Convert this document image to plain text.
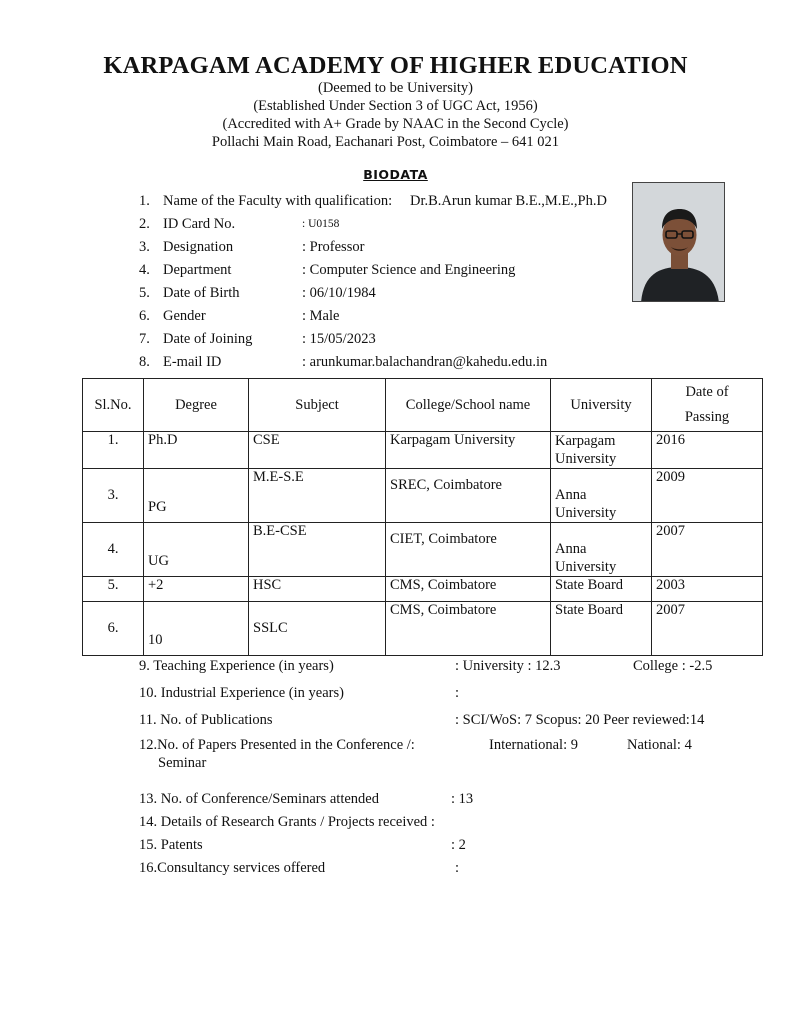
KARPAGAM ACADEMY OF HIGHER EDUCATION
(Deemed to be University)
(Established Under Section 3 of UGC Act, 1956)
(Accredited with A+ Grade by NAAC in the Second Cycle)
Pollachi Main Road, Eachanari Post, Coimbatore – 641 021
BIODATA
1. Name of the Faculty with qualification: Dr.B.Arun kumar B.E.,M.E.,Ph.D
2. ID Card No.	: U0158
3. Designation	: Professor
4. Department	: Computer Science and Engineering
5. Date of Birth	: 06/10/1984
6. Gender	: Male
7. Date of Joining	: 15/05/2023
8. E-mail ID	: arunkumar.balachandran@kahedu.edu.in
Sl.No.	Degree	Subject	College/School name	University	Date of
Passing
1.	Ph.D	CSE	Karpagam University	Karpagam University	2016
3.	PG	M.E-S.E	SREC, Coimbatore	Anna University	2009
4.	UG	B.E-CSE	CIET, Coimbatore	Anna University	2007
5.	+2	HSC	CMS, Coimbatore	State Board	2003
6.	10	SSLC	CMS, Coimbatore	State Board	2007
9. Teaching Experience (in years)	: University : 12.3	College : -2.5
10. Industrial Experience (in years)	:
11. No. of Publications	: SCI/WoS: 7 Scopus: 20 Peer reviewed:14
12.No. of Papers Presented in the Conference /:
Seminar
International: 9	National: 4
13. No. of Conference/Seminars attended	: 13
14. Details of Research Grants / Projects received :
15. Patents	: 2
16.Consultancy services offered	:
